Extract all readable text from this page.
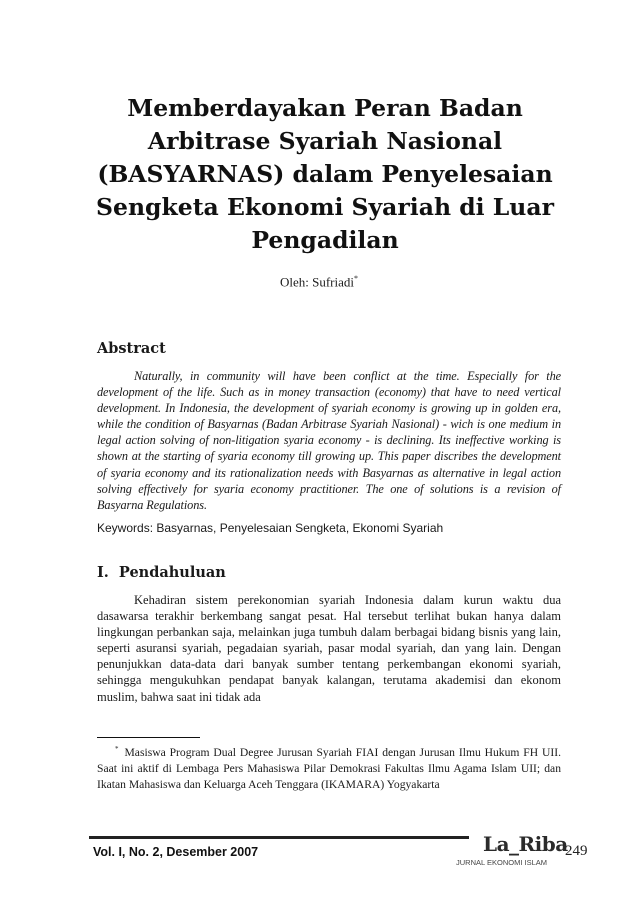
Memberdayakan Peran Badan Arbitrase Syariah Nasional (BASYARNAS) dalam Penyelesaian Sengketa Ekonomi Syariah di Luar Pengadilan
Oleh: Sufriadi*
Abstract

Naturally, in community will have been conflict at the time. Especially for the development of the life. Such as in money transaction (economy) that have to need vertical development. In Indonesia, the development of syariah economy is growing up in golden era, while the condition of Basyarnas (Badan Arbitrase Syariah Nasional) - wich is one medium in legal action solving of non-litigation syaria economy - is declining. Its ineffective working is shown at the starting of syaria economy till growing up. This paper discribes the development of syaria economy and its rationalization needs with Basyarnas as alternative in legal action solving effectively for syaria economy practitioner. The one of solutions is a revision of Basyarna Regulations.

Keywords: Basyarnas, Penyelesaian Sengketa, Ekonomi Syariah

I.  Pendahuluan

Kehadiran sistem perekonomian syariah Indonesia dalam kurun waktu dua dasawarsa terakhir berkembang sangat pesat. Hal tersebut terlihat bukan hanya dalam lingkungan perbankan saja, melainkan juga tumbuh dalam berbagai bidang bisnis yang lain, seperti asuransi syariah, pegadaian syariah, pasar modal syariah, dan yang lain. Dengan penunjukkan data-data dari banyak sumber tentang perkembangan ekonomi syariah, sehingga mengukuhkan pendapat banyak kalangan, terutama akademisi dan ekonom muslim, bahwa saat ini tidak ada

* Masiswa Program Dual Degree Jurusan Syariah FIAI dengan Jurusan Ilmu Hukum FH UII. Saat ini aktif di Lembaga Pers Mahasiswa Pilar Demokrasi Fakultas Ilmu Agama Islam UII; dan Ikatan Mahasiswa dan Keluarga Aceh Tenggara (IKAMARA) Yogyakarta

Vol. I, No. 2, Desember 2007	La_Riba
JURNAL EKONOMI ISLAM
249
